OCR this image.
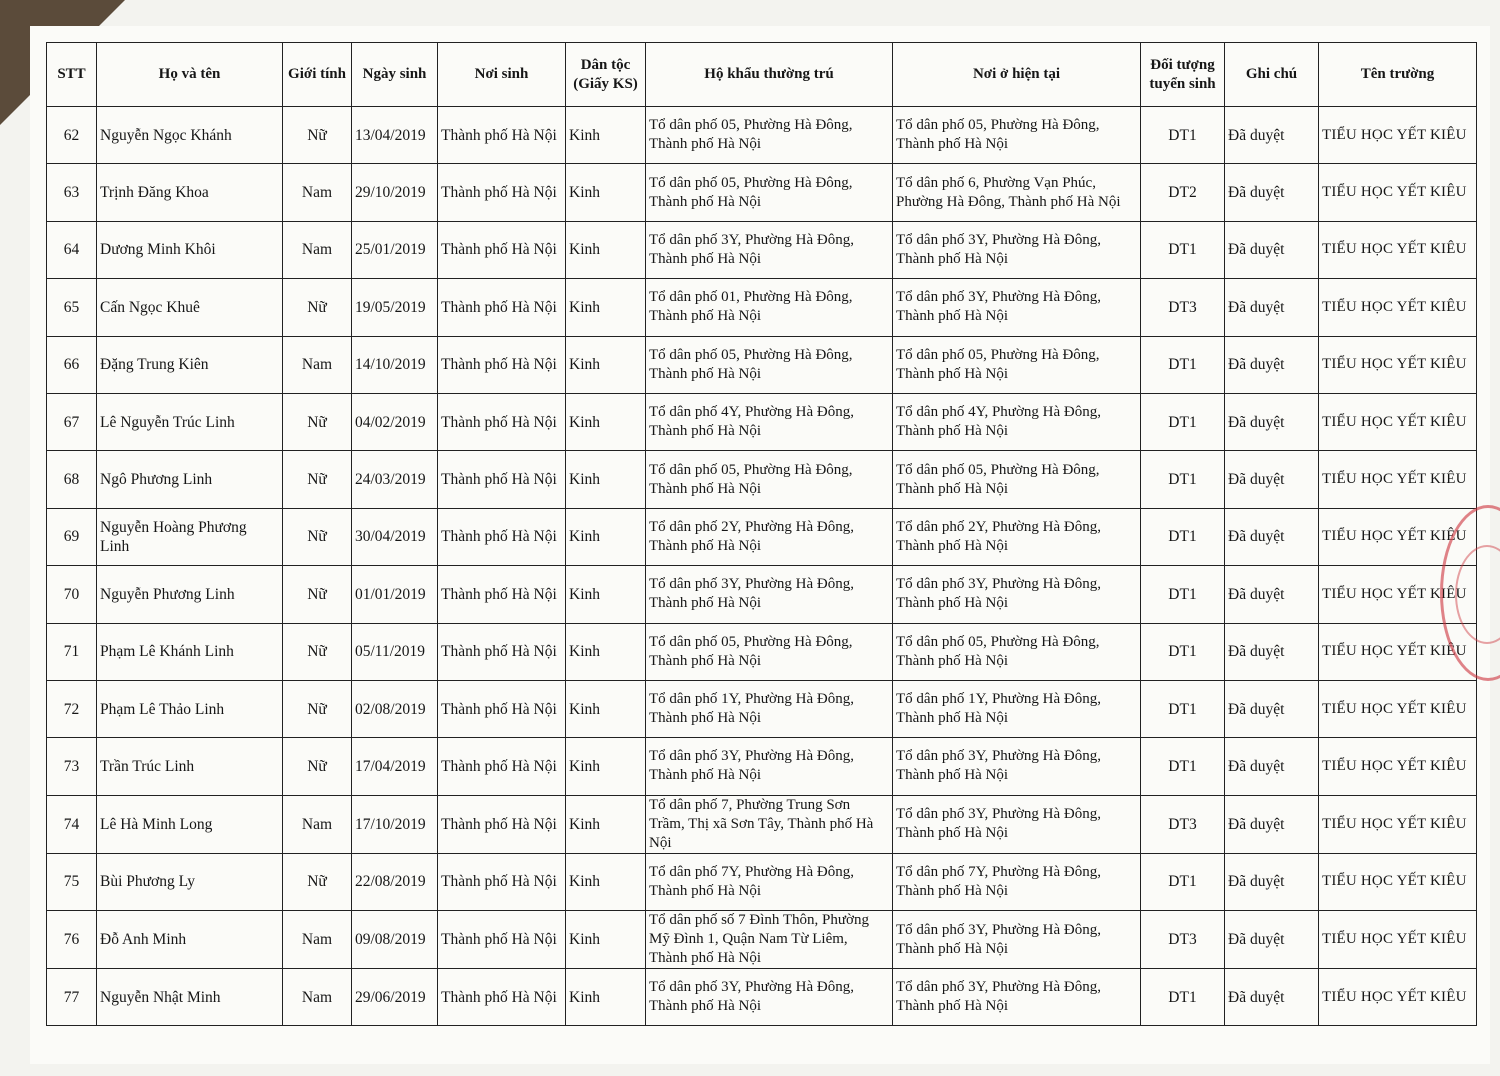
STT	Họ và tên	Giới tính	Ngày sinh	Nơi sinh	Dân tộc (Giấy KS)	Hộ khẩu thường trú	Nơi ở hiện tại	Đối tượng tuyển sinh	Ghi chú	Tên trường
62	Nguyễn Ngọc Khánh	Nữ	13/04/2019	Thành phố Hà Nội	Kinh	Tổ dân phố 05, Phường Hà Đông, Thành phố Hà Nội	Tổ dân phố 05, Phường Hà Đông, Thành phố Hà Nội	DT1	Đã duyệt	TIỂU HỌC YẾT KIÊU
63	Trịnh Đăng Khoa	Nam	29/10/2019	Thành phố Hà Nội	Kinh	Tổ dân phố 05, Phường Hà Đông, Thành phố Hà Nội	Tổ dân phố 6, Phường Vạn Phúc, Phường Hà Đông, Thành phố Hà Nội	DT2	Đã duyệt	TIỂU HỌC YẾT KIÊU
64	Dương Minh Khôi	Nam	25/01/2019	Thành phố Hà Nội	Kinh	Tổ dân phố 3Y, Phường Hà Đông, Thành phố Hà Nội	Tổ dân phố 3Y, Phường Hà Đông, Thành phố Hà Nội	DT1	Đã duyệt	TIỂU HỌC YẾT KIÊU
65	Cấn Ngọc Khuê	Nữ	19/05/2019	Thành phố Hà Nội	Kinh	Tổ dân phố 01, Phường Hà Đông, Thành phố Hà Nội	Tổ dân phố 3Y, Phường Hà Đông, Thành phố Hà Nội	DT3	Đã duyệt	TIỂU HỌC YẾT KIÊU
66	Đặng Trung Kiên	Nam	14/10/2019	Thành phố Hà Nội	Kinh	Tổ dân phố 05, Phường Hà Đông, Thành phố Hà Nội	Tổ dân phố 05, Phường Hà Đông, Thành phố Hà Nội	DT1	Đã duyệt	TIỂU HỌC YẾT KIÊU
67	Lê Nguyễn Trúc Linh	Nữ	04/02/2019	Thành phố Hà Nội	Kinh	Tổ dân phố 4Y, Phường Hà Đông, Thành phố Hà Nội	Tổ dân phố 4Y, Phường Hà Đông, Thành phố Hà Nội	DT1	Đã duyệt	TIỂU HỌC YẾT KIÊU
68	Ngô Phương Linh	Nữ	24/03/2019	Thành phố Hà Nội	Kinh	Tổ dân phố 05, Phường Hà Đông, Thành phố Hà Nội	Tổ dân phố 05, Phường Hà Đông, Thành phố Hà Nội	DT1	Đã duyệt	TIỂU HỌC YẾT KIÊU
69	Nguyễn Hoàng Phương Linh	Nữ	30/04/2019	Thành phố Hà Nội	Kinh	Tổ dân phố 2Y, Phường Hà Đông, Thành phố Hà Nội	Tổ dân phố 2Y, Phường Hà Đông, Thành phố Hà Nội	DT1	Đã duyệt	TIỂU HỌC YẾT KIÊU
70	Nguyễn Phương Linh	Nữ	01/01/2019	Thành phố Hà Nội	Kinh	Tổ dân phố 3Y, Phường Hà Đông, Thành phố Hà Nội	Tổ dân phố 3Y, Phường Hà Đông, Thành phố Hà Nội	DT1	Đã duyệt	TIỂU HỌC YẾT KIÊU
71	Phạm Lê Khánh Linh	Nữ	05/11/2019	Thành phố Hà Nội	Kinh	Tổ dân phố 05, Phường Hà Đông, Thành phố Hà Nội	Tổ dân phố 05, Phường Hà Đông, Thành phố Hà Nội	DT1	Đã duyệt	TIỂU HỌC YẾT KIÊU
72	Phạm Lê Thảo Linh	Nữ	02/08/2019	Thành phố Hà Nội	Kinh	Tổ dân phố 1Y, Phường Hà Đông, Thành phố Hà Nội	Tổ dân phố 1Y, Phường Hà Đông, Thành phố Hà Nội	DT1	Đã duyệt	TIỂU HỌC YẾT KIÊU
73	Trần Trúc Linh	Nữ	17/04/2019	Thành phố Hà Nội	Kinh	Tổ dân phố 3Y, Phường Hà Đông, Thành phố Hà Nội	Tổ dân phố 3Y, Phường Hà Đông, Thành phố Hà Nội	DT1	Đã duyệt	TIỂU HỌC YẾT KIÊU
74	Lê Hà Minh Long	Nam	17/10/2019	Thành phố Hà Nội	Kinh	Tổ dân phố 7, Phường Trung Sơn Trầm, Thị xã Sơn Tây, Thành phố Hà Nội	Tổ dân phố 3Y, Phường Hà Đông, Thành phố Hà Nội	DT3	Đã duyệt	TIỂU HỌC YẾT KIÊU
75	Bùi Phương Ly	Nữ	22/08/2019	Thành phố Hà Nội	Kinh	Tổ dân phố 7Y, Phường Hà Đông, Thành phố Hà Nội	Tổ dân phố 7Y, Phường Hà Đông, Thành phố Hà Nội	DT1	Đã duyệt	TIỂU HỌC YẾT KIÊU
76	Đỗ Anh Minh	Nam	09/08/2019	Thành phố Hà Nội	Kinh	Tổ dân phố số 7 Đình Thôn, Phường Mỹ Đình 1, Quận Nam Từ Liêm, Thành phố Hà Nội	Tổ dân phố 3Y, Phường Hà Đông, Thành phố Hà Nội	DT3	Đã duyệt	TIỂU HỌC YẾT KIÊU
77	Nguyễn Nhật Minh	Nam	29/06/2019	Thành phố Hà Nội	Kinh	Tổ dân phố 3Y, Phường Hà Đông, Thành phố Hà Nội	Tổ dân phố 3Y, Phường Hà Đông, Thành phố Hà Nội	DT1	Đã duyệt	TIỂU HỌC YẾT KIÊU
